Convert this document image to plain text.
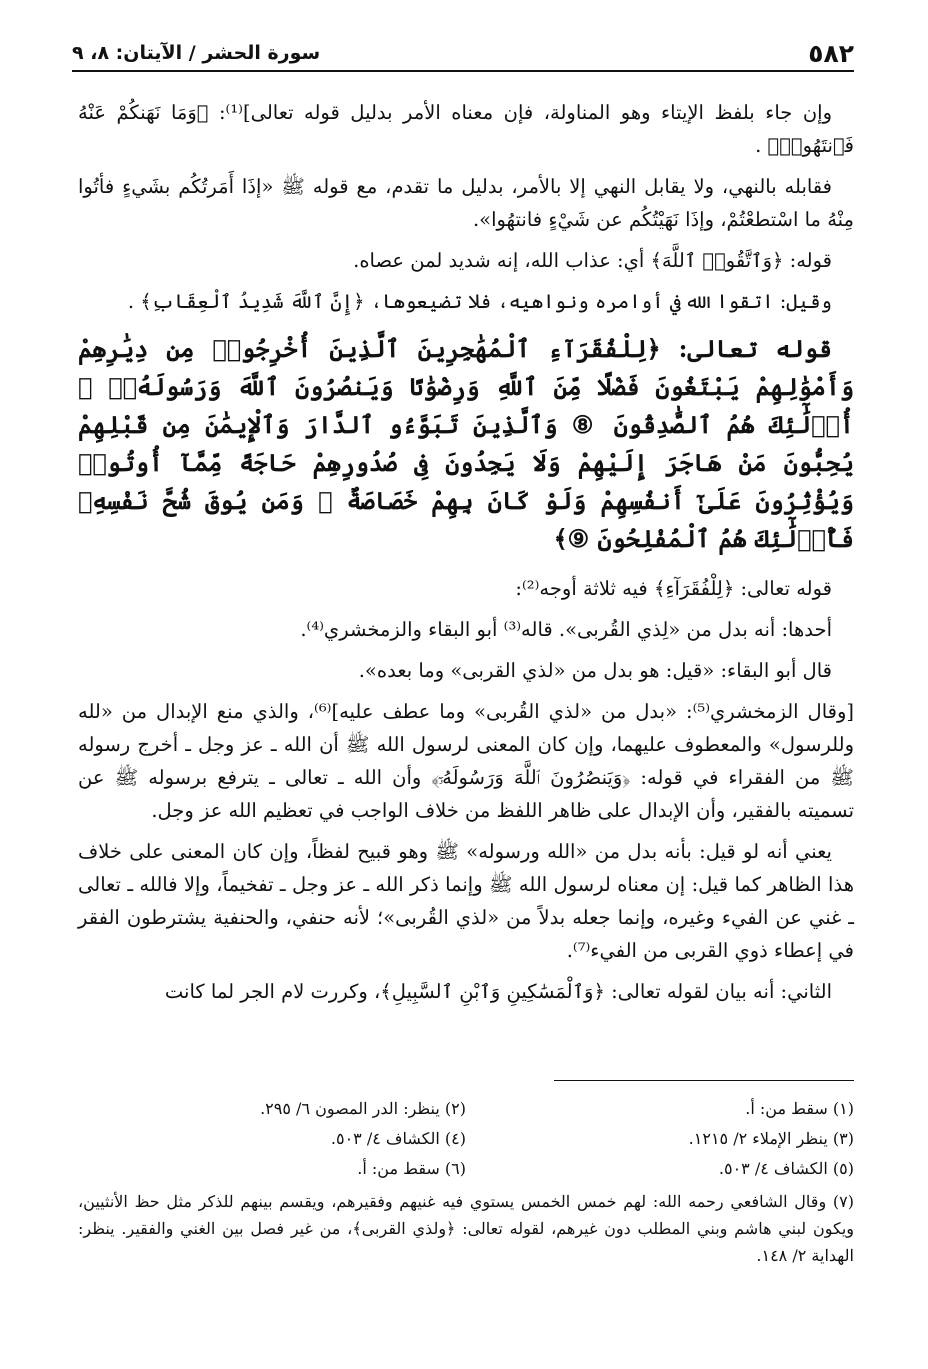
٥٨٢
سورة الحشر / الآيتان: ٨، ٩

وإن جاء بلفظ الإيتاء وهو المناولة، فإن معناه الأمر بدليل قوله تعالى]⁽¹⁾: ﴿وَمَا نَهَنكُمْ عَنْهُ فَٱنتَهُوا۟﴾ .

فقابله بالنهي، ولا يقابل النهي إلا بالأمر، بدليل ما تقدم، مع قوله ﷺ «إذَا أَمَرتُكُم بشَيءٍ فأتُوا مِنْهُ ما اسْتطعْتُمْ، وإذَا نَهَيْتُكُم عن شَيْءٍ فانتهُوا».

قوله: ﴿وَٱتَّقُوا۟ ٱللَّهَ﴾ أي: عذاب الله، إنه شديد لمن عصاه.

وقيل: اتقوا الله في أوامره ونواهيه، فلا تضيعوها، ﴿إِنَّ ٱللَّهَ شَدِيدُ ٱلْعِقَابِ﴾ .

قوله تعالى: ﴿لِلْفُقَرَآءِ ٱلْمُهَٰجِرِينَ ٱلَّذِينَ أُخْرِجُوا۟ مِن دِيَٰرِهِمْ وَأَمْوَٰلِهِمْ يَبْتَغُونَ فَضْلًا مِّنَ ٱللَّهِ وَرِضْوَٰنًا وَيَنصُرُونَ ٱللَّهَ وَرَسُولَهُۥٓ ۚ أُو۟لَٰٓئِكَ هُمُ ٱلصَّٰدِقُونَ ⑧ وَٱلَّذِينَ تَبَوَّءُو ٱلدَّارَ وَٱلْإِيمَٰنَ مِن قَبْلِهِمْ يُحِبُّونَ مَنْ هَاجَرَ إِلَيْهِمْ وَلَا يَجِدُونَ فِى صُدُورِهِمْ حَاجَةً مِّمَّآ أُوتُوا۟ وَيُؤْثِرُونَ عَلَىٰٓ أَنفُسِهِمْ وَلَوْ كَانَ بِهِمْ خَصَاصَةٌ ۚ وَمَن يُوقَ شُحَّ نَفْسِهِۦ فَأُو۟لَٰٓئِكَ هُمُ ٱلْمُفْلِحُونَ ⑨﴾

قوله تعالى: ﴿لِلْفُقَرَآءِ﴾ فيه ثلاثة أوجه⁽²⁾:

أحدها: أنه بدل من «لِذي القُربى». قاله⁽³⁾ أبو البقاء والزمخشري⁽⁴⁾.

قال أبو البقاء: «قيل: هو بدل من «لذي القربى» وما بعده».

[وقال الزمخشري⁽⁵⁾: «بدل من «لذي القُربى» وما عطف عليه]⁽⁶⁾، والذي منع الإبدال من «لله وللرسول» والمعطوف عليهما، وإن كان المعنى لرسول الله ﷺ أن الله ـ عز وجل ـ أخرج رسوله ﷺ من الفقراء في قوله: ﴿وَيَنصُرُونَ ٱللَّهَ وَرَسُولَهُۥٓ﴾ وأن الله ـ تعالى ـ يترفع برسوله ﷺ عن تسميته بالفقير، وأن الإبدال على ظاهر اللفظ من خلاف الواجب في تعظيم الله عز وجل.

يعني أنه لو قيل: بأنه بدل من «الله ورسوله» ﷺ وهو قبيح لفظاً، وإن كان المعنى على خلاف هذا الظاهر كما قيل: إن معناه لرسول الله ﷺ وإنما ذكر الله ـ عز وجل ـ تفخيماً، وإلا فالله ـ تعالى ـ غني عن الفيء وغيره، وإنما جعله بدلاً من «لذي القُربى»؛ لأنه حنفي، والحنفية يشترطون الفقر في إعطاء ذوي القربى من الفيء⁽⁷⁾.

الثاني: أنه بيان لقوله تعالى: ﴿وَٱلْمَسَٰكِينِ وَٱبْنِ ٱلسَّبِيلِ﴾، وكررت لام الجر لما كانت

(١) سقط من: أ.
(٢) ينظر: الدر المصون ٦/ ٢٩٥.
(٣) ينظر الإملاء ٢/ ١٢١٥.
(٤) الكشاف ٤/ ٥٠٣.
(٥) الكشاف ٤/ ٥٠٣.
(٦) سقط من: أ.
(٧) وقال الشافعي رحمه الله: لهم خمس الخمس يستوي فيه غنيهم وفقيرهم، ويقسم بينهم للذكر مثل حظ الأنثيين، ويكون لبني هاشم وبني المطلب دون غيرهم، لقوله تعالى: ﴿ولذي القربى﴾، من غير فصل بين الغني والفقير. ينظر: الهداية ٢/ ١٤٨.
